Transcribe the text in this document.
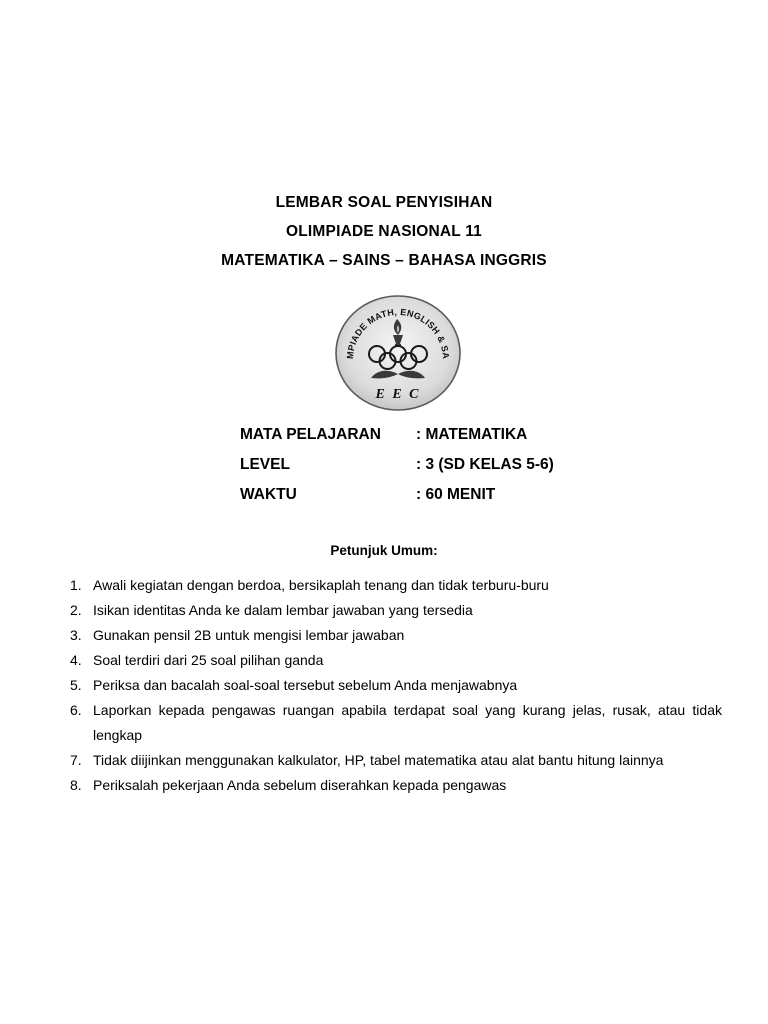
LEMBAR SOAL PENYISIHAN
OLIMPIADE NASIONAL 11
MATEMATIKA – SAINS – BAHASA INGGRIS
MPIADE MATH, ENGLISH & SA
E E C
MATA PELAJARAN	: MATEMATIKA
LEVEL	: 3 (SD KELAS 5-6)
WAKTU	: 60 MENIT
Petunjuk Umum:
1. Awali kegiatan dengan berdoa, bersikaplah tenang dan tidak terburu-buru
2. Isikan identitas Anda ke dalam lembar jawaban yang tersedia
3. Gunakan pensil 2B untuk mengisi lembar jawaban
4. Soal terdiri dari 25 soal pilihan ganda
5. Periksa dan bacalah soal-soal tersebut sebelum Anda menjawabnya
6. Laporkan kepada pengawas ruangan apabila terdapat soal yang kurang jelas, rusak, atau tidak lengkap
7. Tidak diijinkan menggunakan kalkulator, HP, tabel matematika atau alat bantu hitung lainnya
8. Periksalah pekerjaan Anda sebelum diserahkan kepada pengawas
